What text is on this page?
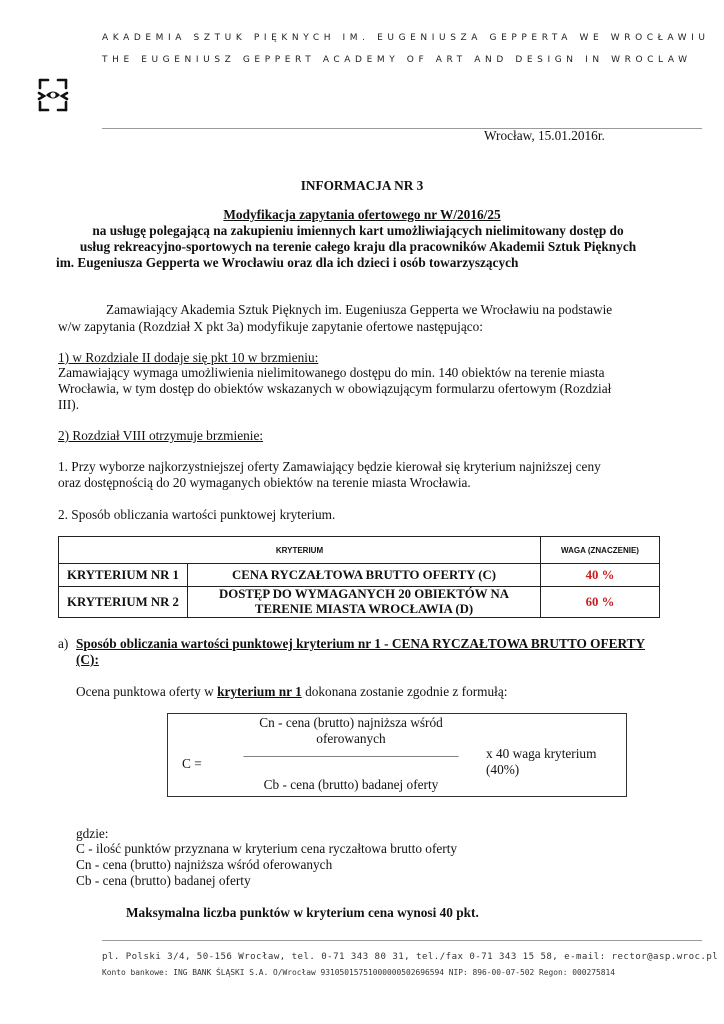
AKADEMIA SZTUK PIĘKNYCH IM. EUGENIUSZA GEPPERTA WE WROCŁAWIU
THE EUGENIUSZ GEPPERT ACADEMY OF ART AND DESIGN IN WROCLAW
Wrocław, 15.01.2016r.
INFORMACJA NR 3
Modyfikacja zapytania ofertowego nr W/2016/25
na usługę polegającą na zakupieniu imiennych kart umożliwiających nielimitowany dostęp do
usług rekreacyjno-sportowych na terenie całego kraju dla pracowników Akademii Sztuk Pięknych
im. Eugeniusza Gepperta we Wrocławiu oraz dla ich dzieci i osób towarzyszących
Zamawiający Akademia Sztuk Pięknych im. Eugeniusza Gepperta we Wrocławiu na podstawie
w/w zapytania (Rozdział X pkt 3a) modyfikuje zapytanie ofertowe następująco:
1) w Rozdziale II dodaje się pkt 10 w brzmieniu:
Zamawiający wymaga umożliwienia nielimitowanego dostępu do min. 140 obiektów na terenie miasta
Wrocławia, w tym dostęp do obiektów wskazanych w obowiązującym formularzu ofertowym (Rozdział
III).
2) Rozdział VIII otrzymuje brzmienie:
1. Przy wyborze najkorzystniejszej oferty Zamawiający będzie kierował się kryterium najniższej ceny
oraz dostępnością do 20 wymaganych obiektów na terenie miasta Wrocławia.
2. Sposób obliczania wartości punktowej kryterium.
KRYTERIUM		WAGA (ZNACZENIE)
KRYTERIUM NR 1	CENA RYCZAŁTOWA BRUTTO OFERTY (C)	40 %
KRYTERIUM NR 2	DOSTĘP DO WYMAGANYCH 20 OBIEKTÓW NA TERENIE MIASTA WROCŁAWIA (D)	60 %
a) Sposób obliczania wartości punktowej kryterium nr 1 - CENA RYCZAŁTOWA BRUTTO OFERTY
(C):
Ocena punktowa oferty w kryterium nr 1 dokonana zostanie zgodnie z formułą:
C =
Cn - cena (brutto) najniższa wśród
oferowanych
___________________________________________
Cb - cena (brutto) badanej oferty
x 40 waga kryterium
(40%)
gdzie:
C - ilość punktów przyznana w kryterium cena ryczałtowa brutto oferty
Cn - cena (brutto) najniższa wśród oferowanych
Cb - cena (brutto) badanej oferty
Maksymalna liczba punktów w kryterium cena wynosi 40 pkt.
pl. Polski 3/4, 50-156 Wrocław, tel. 0-71 343 80 31, tel./fax 0-71 343 15 58, e-mail: rector@asp.wroc.pl
Konto bankowe: ING BANK ŚLĄSKI S.A. O/Wrocław 93105015751000000502696594 NIP: 896-00-07-502 Regon: 000275814
